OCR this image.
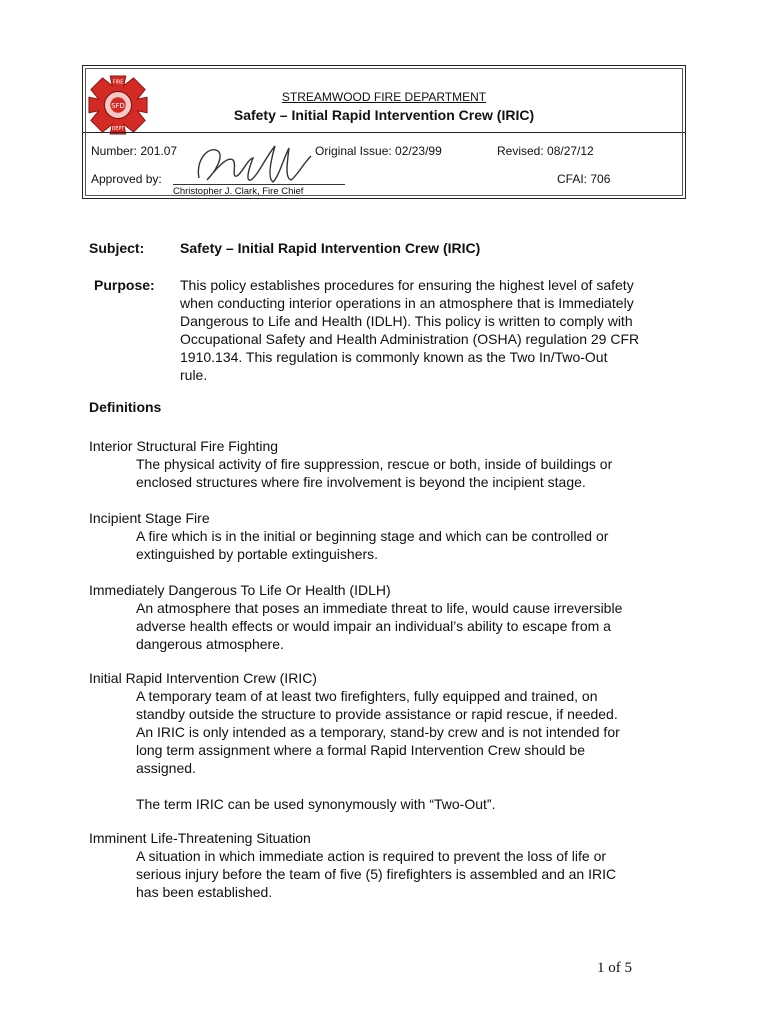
SFD
FIRE
DEPT
STREAMWOOD FIRE DEPARTMENT
Safety – Initial Rapid Intervention Crew (IRIC)
Number: 201.07	Original Issue: 02/23/99	Revised: 08/27/12
Approved by:	CFAI: 706
Christopher J. Clark, Fire Chief
Subject:	Safety – Initial Rapid Intervention Crew (IRIC)
Purpose: This policy establishes procedures for ensuring the highest level of safety
when conducting interior operations in an atmosphere that is Immediately
Dangerous to Life and Health (IDLH). This policy is written to comply with
Occupational Safety and Health Administration (OSHA) regulation 29 CFR
1910.134. This regulation is commonly known as the Two In/Two-Out
rule.
Definitions
Interior Structural Fire Fighting
The physical activity of fire suppression, rescue or both, inside of buildings or
enclosed structures where fire involvement is beyond the incipient stage.
Incipient Stage Fire
A fire which is in the initial or beginning stage and which can be controlled or
extinguished by portable extinguishers.
Immediately Dangerous To Life Or Health (IDLH)
An atmosphere that poses an immediate threat to life, would cause irreversible
adverse health effects or would impair an individual’s ability to escape from a
dangerous atmosphere.
Initial Rapid Intervention Crew (IRIC)
A temporary team of at least two firefighters, fully equipped and trained, on
standby outside the structure to provide assistance or rapid rescue, if needed.
An IRIC is only intended as a temporary, stand-by crew and is not intended for
long term assignment where a formal Rapid Intervention Crew should be
assigned.
The term IRIC can be used synonymously with “Two-Out”.
Imminent Life-Threatening Situation
A situation in which immediate action is required to prevent the loss of life or
serious injury before the team of five (5) firefighters is assembled and an IRIC
has been established.
1 of 5
